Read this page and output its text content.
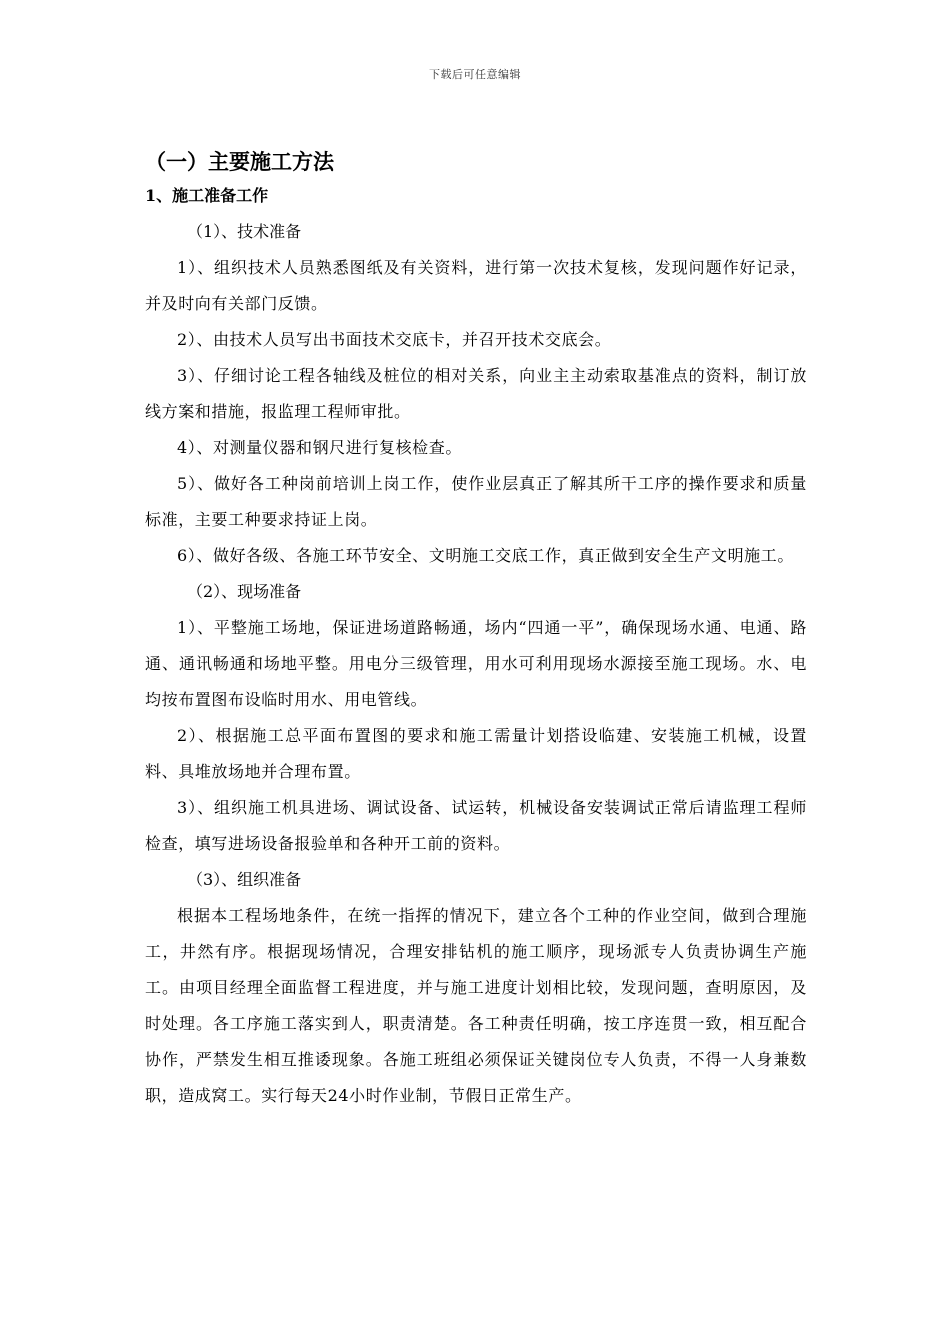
下载后可任意编辑
（一）主要施工方法
1、施工准备工作
（1）、技术准备

1）、组织技术人员熟悉图纸及有关资料，进行第一次技术复核，发现问题作好记录，并及时向有关部门反馈。

2）、由技术人员写出书面技术交底卡，并召开技术交底会。

3）、仔细讨论工程各轴线及桩位的相对关系，向业主主动索取基准点的资料，制订放线方案和措施，报监理工程师审批。

4）、对测量仪器和钢尺进行复核检查。

5）、做好各工种岗前培训上岗工作，使作业层真正了解其所干工序的操作要求和质量标准，主要工种要求持证上岗。

6）、做好各级、各施工环节安全、文明施工交底工作，真正做到安全生产文明施工。

（2）、现场准备

1）、平整施工场地，保证进场道路畅通，场内“四通一平”，确保现场水通、电通、路通、通讯畅通和场地平整。用电分三级管理，用水可利用现场水源接至施工现场。水、电均按布置图布设临时用水、用电管线。

2）、根据施工总平面布置图的要求和施工需量计划搭设临建、安装施工机械，设置料、具堆放场地并合理布置。

3）、组织施工机具进场、调试设备、试运转，机械设备安装调试正常后请监理工程师检查，填写进场设备报验单和各种开工前的资料。

（3）、组织准备

根据本工程场地条件，在统一指挥的情况下，建立各个工种的作业空间，做到合理施工，井然有序。根据现场情况，合理安排钻机的施工顺序，现场派专人负责协调生产施工。由项目经理全面监督工程进度，并与施工进度计划相比较，发现问题，查明原因，及时处理。各工序施工落实到人，职责清楚。各工种责任明确，按工序连贯一致，相互配合协作，严禁发生相互推诿现象。各施工班组必须保证关键岗位专人负责，不得一人身兼数职，造成窝工。实行每天24小时作业制，节假日正常生产。
